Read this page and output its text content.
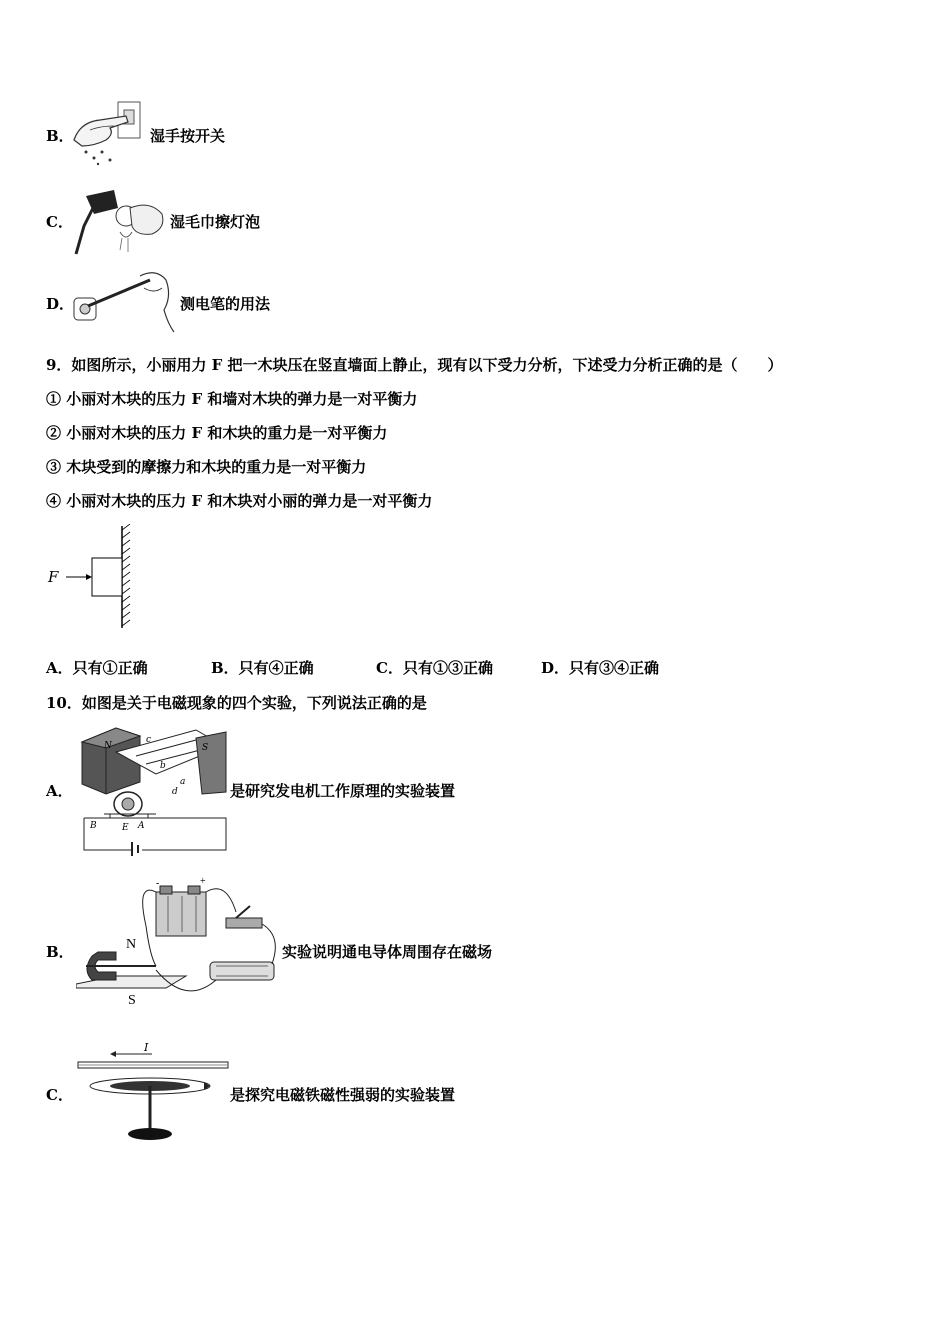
B．	湿手按开关
C．	湿毛巾擦灯泡
D．	测电笔的用法
9．如图所示，小丽用力 F 把一木块压在竖直墙面上静止，现有以下受力分析，下述受力分析正确的是（　　）
① 小丽对木块的压力 F 和墙对木块的弹力是一对平衡力
② 小丽对木块的压力 F 和木块的重力是一对平衡力
③ 木块受到的摩擦力和木块的重力是一对平衡力
④ 小丽对木块的压力 F 和木块对小丽的弹力是一对平衡力
F
A．只有①正确	B．只有④正确	C．只有①③正确	D．只有③④正确
10．如图是关于电磁现象的四个实验，下列说法正确的是
A．
N	S
a
b
c
d
B	E A
是研究发电机工作原理的实验装置
B．	N
S
-	+
实验说明通电导体周围存在磁场
C．
I
是探究电磁铁磁性强弱的实验装置
